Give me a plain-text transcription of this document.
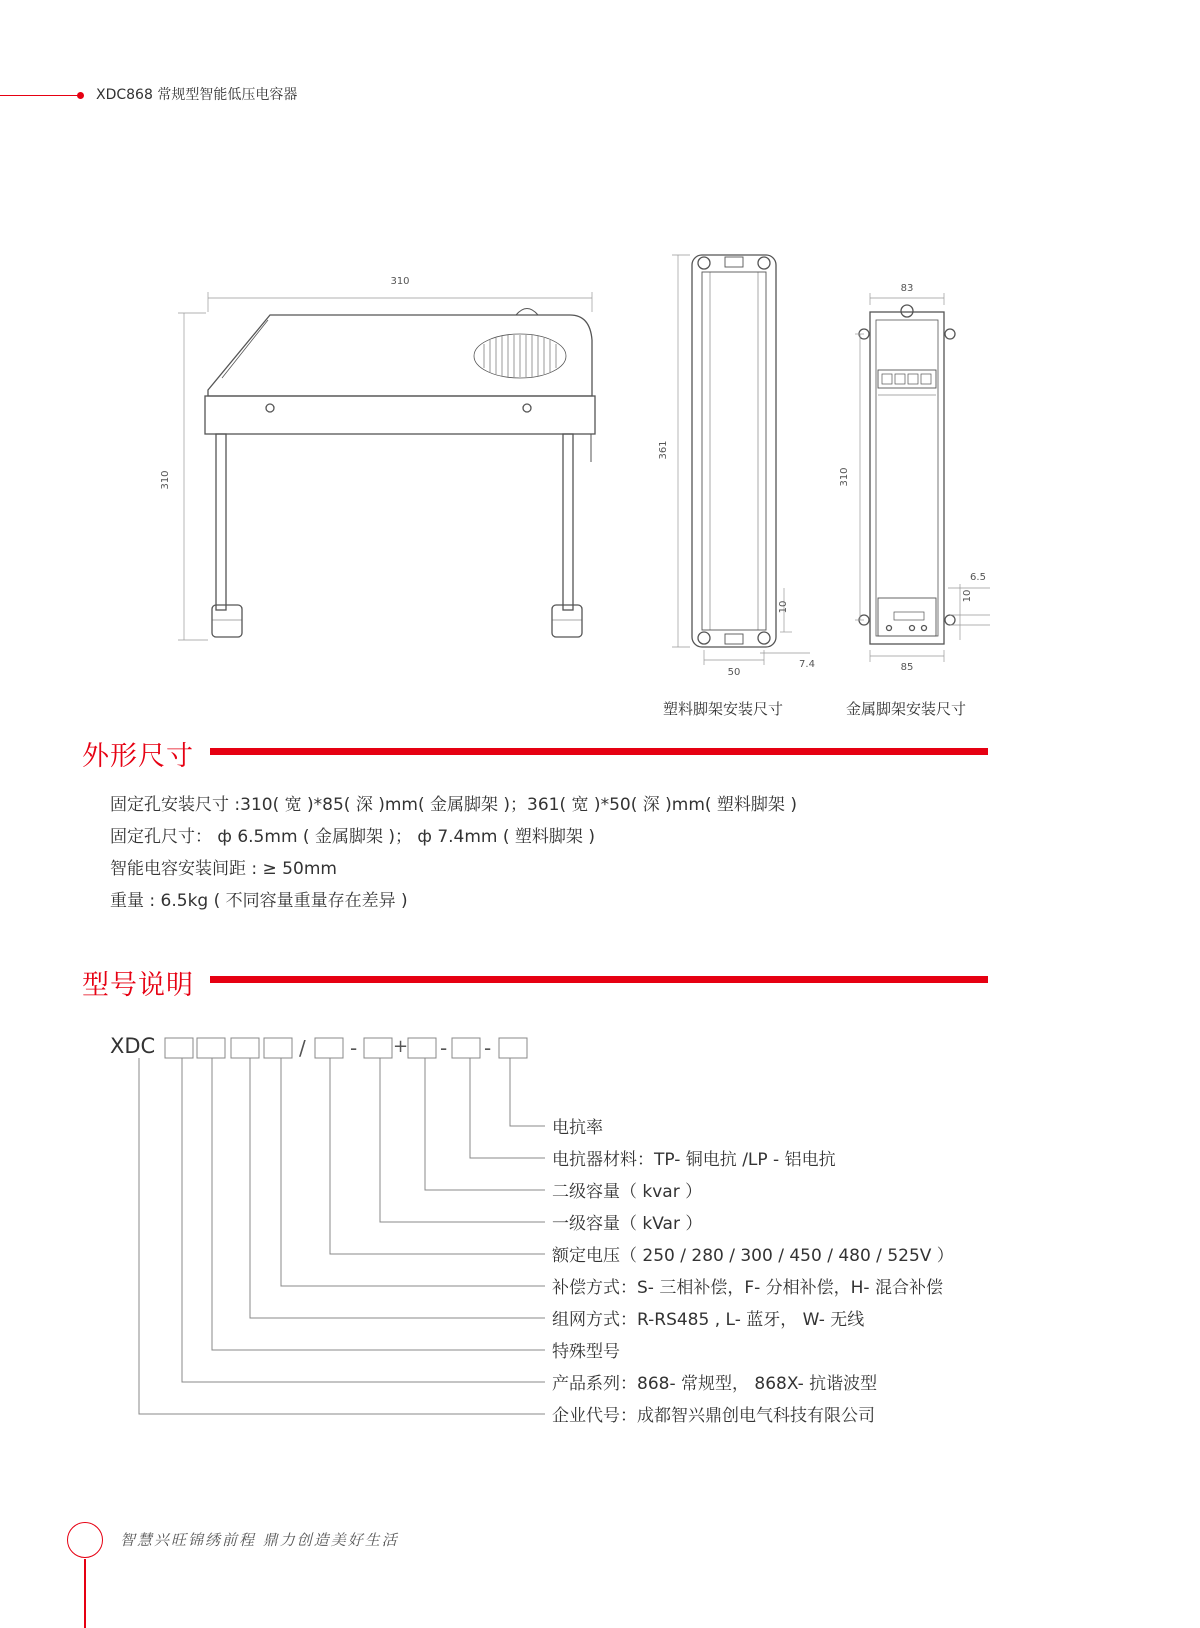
XDC868 常规型智能低压电容器
310
310
361
10
50
7.4
83
310
6.5
10
85
塑料脚架安装尺寸	金属脚架安装尺寸
外形尺寸
固定孔安装尺寸 :310( 宽 )*85( 深 )mm( 金属脚架 )；361( 宽 )*50( 深 )mm( 塑料脚架 )
固定孔尺寸： ф 6.5mm ( 金属脚架 )； ф 7.4mm ( 塑料脚架 )
智能电容安装间距 : ≥ 50mm
重量 : 6.5kg ( 不同容量重量存在差异 )
型号说明
XDC	/ - + - -
电抗率
电抗器材料：TP- 铜电抗 /LP - 铝电抗
二级容量（ kvar ）
一级容量（ kVar ）
额定电压（ 250 / 280 / 300 / 450 / 480 / 525V ）
补偿方式：S- 三相补偿，F- 分相补偿，H- 混合补偿
组网方式：R-RS485 , L- 蓝牙， W- 无线
特殊型号
产品系列：868- 常规型， 868X- 抗谐波型
企业代号：成都智兴鼎创电气科技有限公司
智慧兴旺锦绣前程 鼎力创造美好生活
